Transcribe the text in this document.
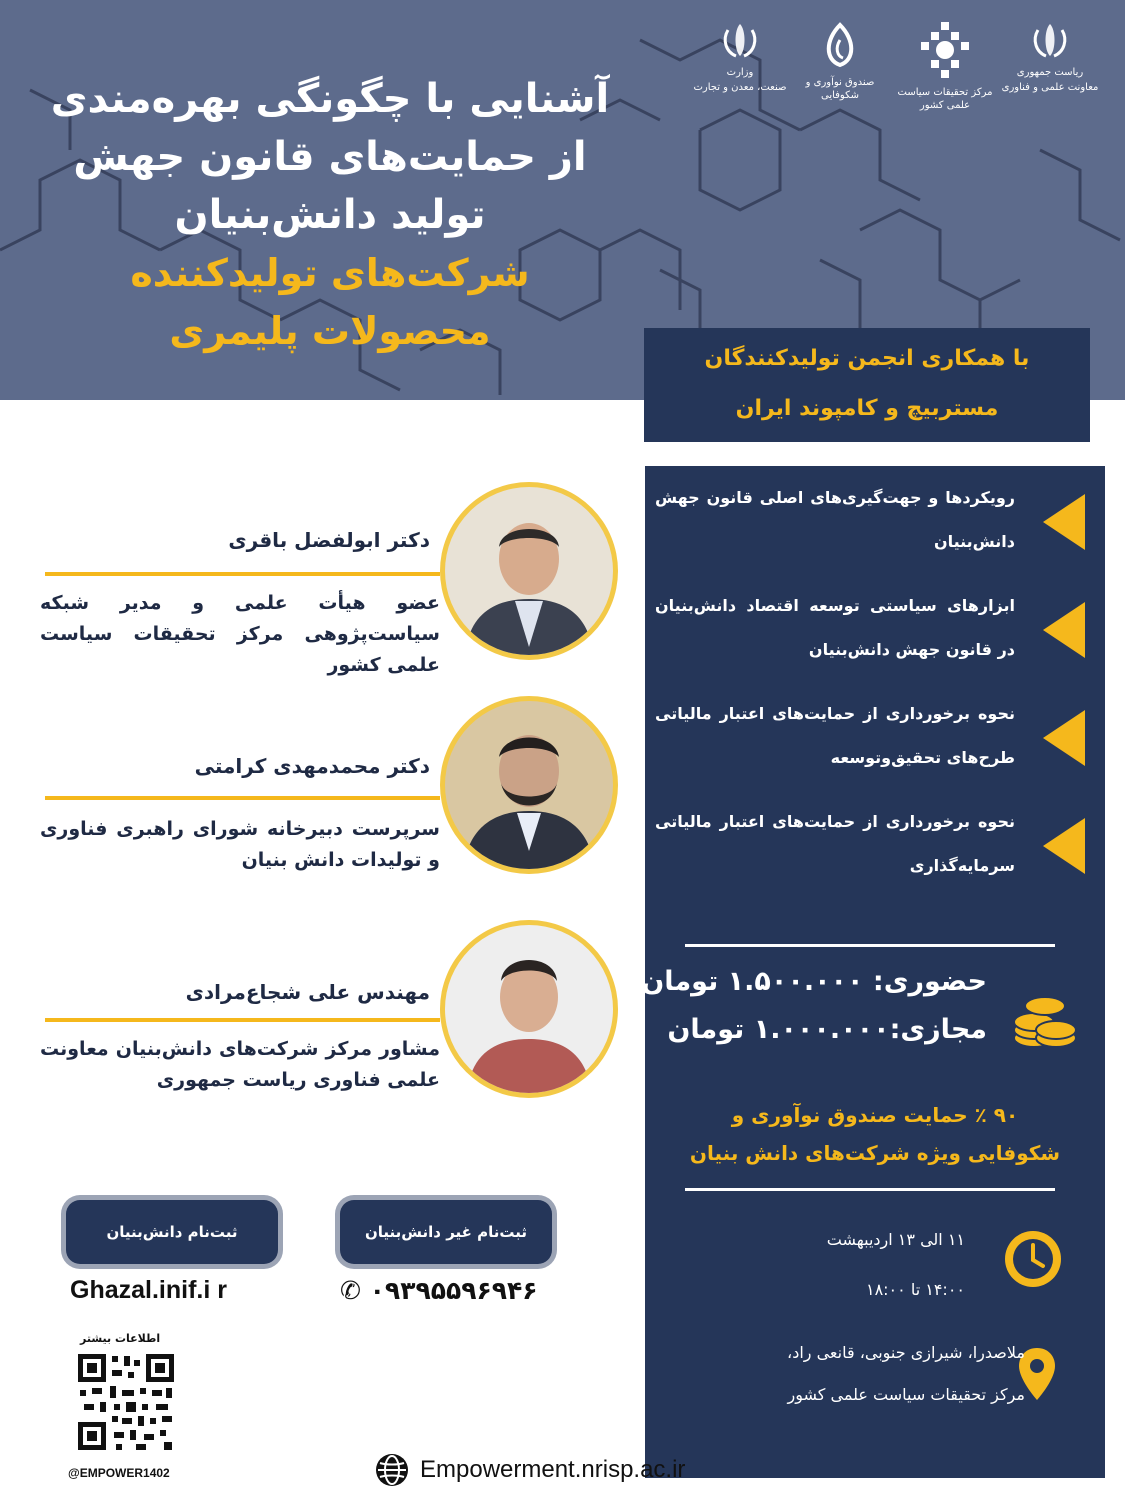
آشنایی با چگونگی بهره‌مندی
از حمایت‌های قانون جهش
تولید دانش‌بنیان
شرکت‌های تولیدکننده
محصولات پلیمری
ریاست جمهوری
معاونت علمی و فناوری
مرکز تحقیقات سیاست علمی کشور
صندوق نوآوری و شکوفایی
وزارت
صنعت، معدن و تجارت
با همکاری انجمن تولیدکنندگان
مستربیچ و کامپوند ایران
رویکردها و جهت‌گیری‌های اصلی قانون جهش دانش‌بنیان
ابزارهای سیاستی توسعه اقتصاد دانش‌بنیان در قانون جهش دانش‌بنیان
نحوه برخورداری از حمایت‌های اعتبار مالیاتی طرح‌های تحقیق‌وتوسعه
نحوه برخورداری از حمایت‌های اعتبار مالیاتی سرمایه‌گذاری
حضوری: ۱.۵۰۰.۰۰۰ تومان
مجازی:۱.۰۰۰.۰۰۰ تومان
۹۰ ٪ حمایت صندوق نوآوری و
شکوفایی ویژه شرکت‌های دانش بنیان
۱۱ الی ۱۳ اردیبهشت
۱۴:۰۰ تا ۱۸:۰۰
ملاصدرا، شیرازی جنوبی، قانعی راد،
مرکز تحقیقات سیاست علمی کشور
دکتر ابولفضل باقری
عضو هیأت علمی و مدیر شبکه سیاست‌پژوهی مرکز تحقیقات سیاست علمی کشور
دکتر محمدمهدی کرامتی
سرپرست دبیرخانه شورای راهبری فناوری و تولیدات دانش بنیان
مهندس علی شجاع‌مرادی
مشاور مرکز شرکت‌های دانش‌بنیان معاونت علمی فناوری ریاست جمهوری
ثبت‌نام دانش‌بنیان	ثبت‌نام غیر دانش‌بنیان
Ghazal.inif.i r	✆ ۰۹۳۹۵۵۹۶۹۴۶
اطلاعات بیشتر
@EMPOWER1402	Empowerment.nrisp.ac.ir
